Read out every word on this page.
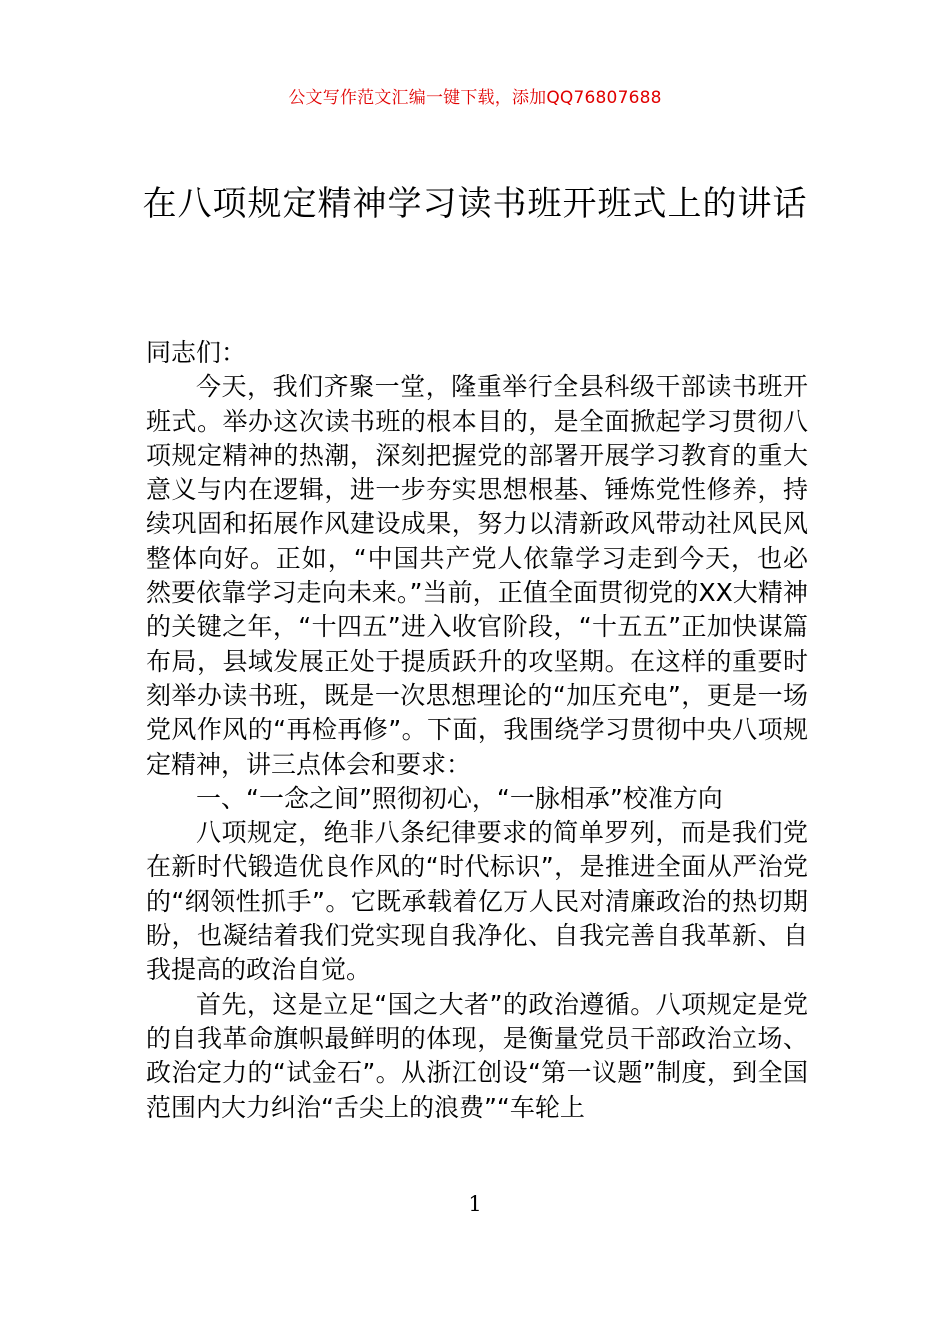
公文写作范文汇编一键下载，添加QQ76807688
在八项规定精神学习读书班开班式上的讲话

同志们：

今天，我们齐聚一堂，隆重举行全县科级干部读书班开班式。举办这次读书班的根本目的，是全面掀起学习贯彻八项规定精神的热潮，深刻把握党的部署开展学习教育的重大意义与内在逻辑，进一步夯实思想根基、锤炼党性修养，持续巩固和拓展作风建设成果，努力以清新政风带动社风民风整体向好。正如，“中国共产党人依靠学习走到今天，也必然要依靠学习走向未来。”当前，正值全面贯彻党的XX大精神的关键之年，“十四五”进入收官阶段，“十五五”正加快谋篇布局，县域发展正处于提质跃升的攻坚期。在这样的重要时刻举办读书班，既是一次思想理论的“加压充电”，更是一场党风作风的“再检再修”。下面，我围绕学习贯彻中央八项规定精神，讲三点体会和要求：

一、“一念之间”照彻初心，“一脉相承”校准方向

八项规定，绝非八条纪律要求的简单罗列，而是我们党在新时代锻造优良作风的“时代标识”，是推进全面从严治党的“纲领性抓手”。它既承载着亿万人民对清廉政治的热切期盼，也凝结着我们党实现自我净化、自我完善自我革新、自我提高的政治自觉。

首先，这是立足“国之大者”的政治遵循。八项规定是党的自我革命旗帜最鲜明的体现，是衡量党员干部政治立场、政治定力的“试金石”。从浙江创设“第一议题”制度，到全国范围内大力纠治“舌尖上的浪费”“车轮上

1
